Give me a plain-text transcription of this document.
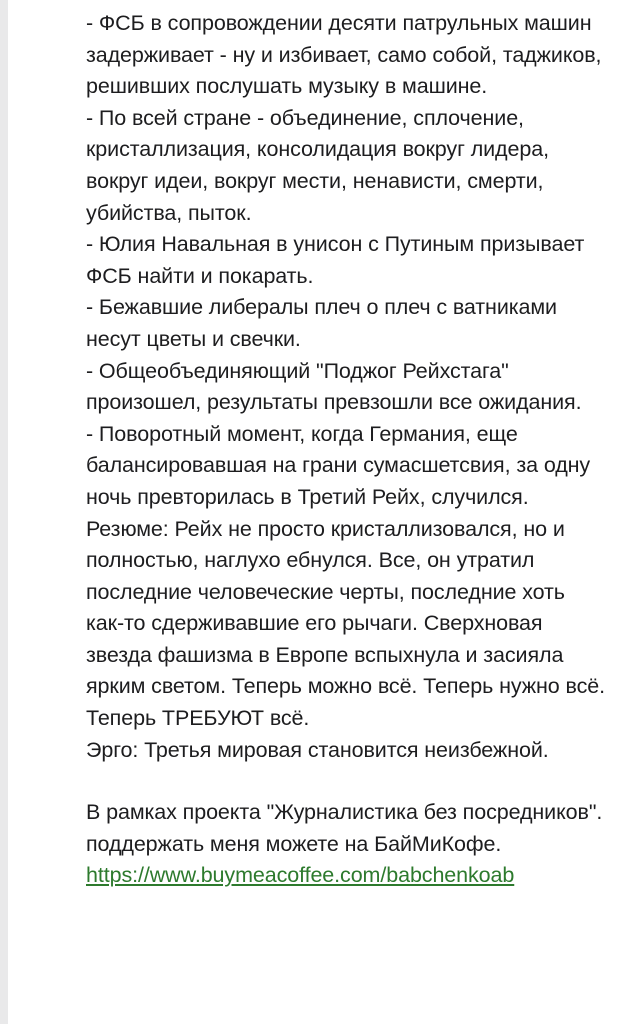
- ФСБ в сопровождении десяти патрульных машин задерживает - ну и избивает, само собой, таджиков, решивших послушать музыку в машине.

- По всей стране - объединение, сплочение, кристаллизация, консолидация вокруг лидера, вокруг идеи, вокруг мести, ненависти, смерти, убийства, пыток.

- Юлия Навальная в унисон с Путиным призывает ФСБ найти и покарать.

- Бежавшие либералы плеч о плеч с ватниками несут цветы и свечки.

- Общеобъединяющий "Поджог Рейхстага" произошел, результаты превзошли все ожидания.

- Поворотный момент, когда Германия, еще балансировавшая на грани сумасшетсвия, за одну ночь превторилась в Третий Рейх, случился.

Резюме: Рейх не просто кристаллизовался, но и полностью, наглухо ебнулся. Все, он утратил последние человеческие черты, последние хоть как-то сдерживавшие его рычаги. Сверхновая звезда фашизма в Европе вспыхнула и засияла ярким светом. Теперь можно всё. Теперь нужно всё. Теперь ТРЕБУЮТ всё.

Эрго: Третья мировая становится неизбежной.

В рамках проекта "Журналистика без посредников".

поддержать меня можете на БайМиКофе.

https://www.buymeacoffee.com/babchenkoab
